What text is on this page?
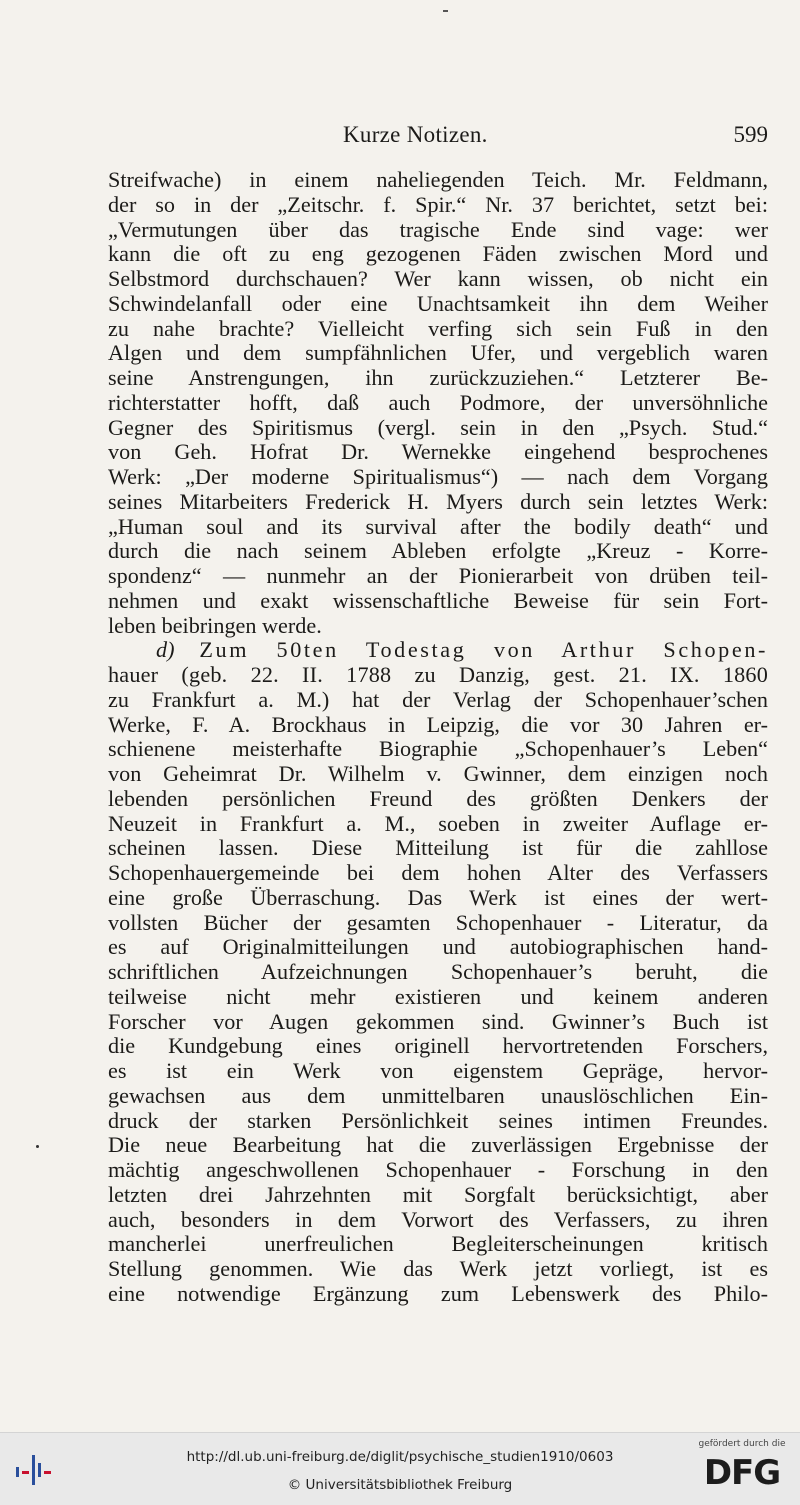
Kurze Notizen.	599
Streifwache) in einem naheliegenden Teich. Mr. Feldmann,
der so in der „Zeitschr. f. Spir.“ Nr. 37 berichtet, setzt bei:
„Vermutungen über das tragische Ende sind vage: wer
kann die oft zu eng gezogenen Fäden zwischen Mord und
Selbstmord durchschauen? Wer kann wissen, ob nicht ein
Schwindelanfall oder eine Unachtsamkeit ihn dem Weiher
zu nahe brachte? Vielleicht verfing sich sein Fuß in den
Algen und dem sumpfähnlichen Ufer, und vergeblich waren
seine Anstrengungen, ihn zurückzuziehen.“ Letzterer Be-
richterstatter hofft, daß auch Podmore, der unversöhnliche
Gegner des Spiritismus (vergl. sein in den „Psych. Stud.“
von Geh. Hofrat Dr. Wernekke eingehend besprochenes
Werk: „Der moderne Spiritualismus“) — nach dem Vorgang
seines Mitarbeiters Frederick H. Myers durch sein letztes Werk:
„Human soul and its survival after the bodily death“ und
durch die nach seinem Ableben erfolgte „Kreuz - Korre-
spondenz“ — nunmehr an der Pionierarbeit von drüben teil-
nehmen und exakt wissenschaftliche Beweise für sein Fort-
leben beibringen werde.
d) Zum 50ten Todestag von Arthur Schopen-
hauer (geb. 22. II. 1788 zu Danzig, gest. 21. IX. 1860
zu Frankfurt a. M.) hat der Verlag der Schopenhauer’schen
Werke, F. A. Brockhaus in Leipzig, die vor 30 Jahren er-
schienene meisterhafte Biographie „Schopenhauer’s Leben“
von Geheimrat Dr. Wilhelm v. Gwinner, dem einzigen noch
lebenden persönlichen Freund des größten Denkers der
Neuzeit in Frankfurt a. M., soeben in zweiter Auflage er-
scheinen lassen. Diese Mitteilung ist für die zahllose
Schopenhauergemeinde bei dem hohen Alter des Verfassers
eine große Überraschung. Das Werk ist eines der wert-
vollsten Bücher der gesamten Schopenhauer - Literatur, da
es auf Originalmitteilungen und autobiographischen hand-
schriftlichen Aufzeichnungen Schopenhauer’s beruht, die
teilweise nicht mehr existieren und keinem anderen
Forscher vor Augen gekommen sind. Gwinner’s Buch ist
die Kundgebung eines originell hervortretenden Forschers,
es ist ein Werk von eigenstem Gepräge, hervor-
gewachsen aus dem unmittelbaren unauslöschlichen Ein-
druck der starken Persönlichkeit seines intimen Freundes.
Die neue Bearbeitung hat die zuverlässigen Ergebnisse der
mächtig angeschwollenen Schopenhauer - Forschung in den
letzten drei Jahrzehnten mit Sorgfalt berücksichtigt, aber
auch, besonders in dem Vorwort des Verfassers, zu ihren
mancherlei unerfreulichen Begleiterscheinungen kritisch
Stellung genommen. Wie das Werk jetzt vorliegt, ist es
eine notwendige Ergänzung zum Lebenswerk des Philo-
http://dl.ub.uni-freiburg.de/diglit/psychische_studien1910/0603
© Universitätsbibliothek Freiburg
gefördert durch die
DFG
